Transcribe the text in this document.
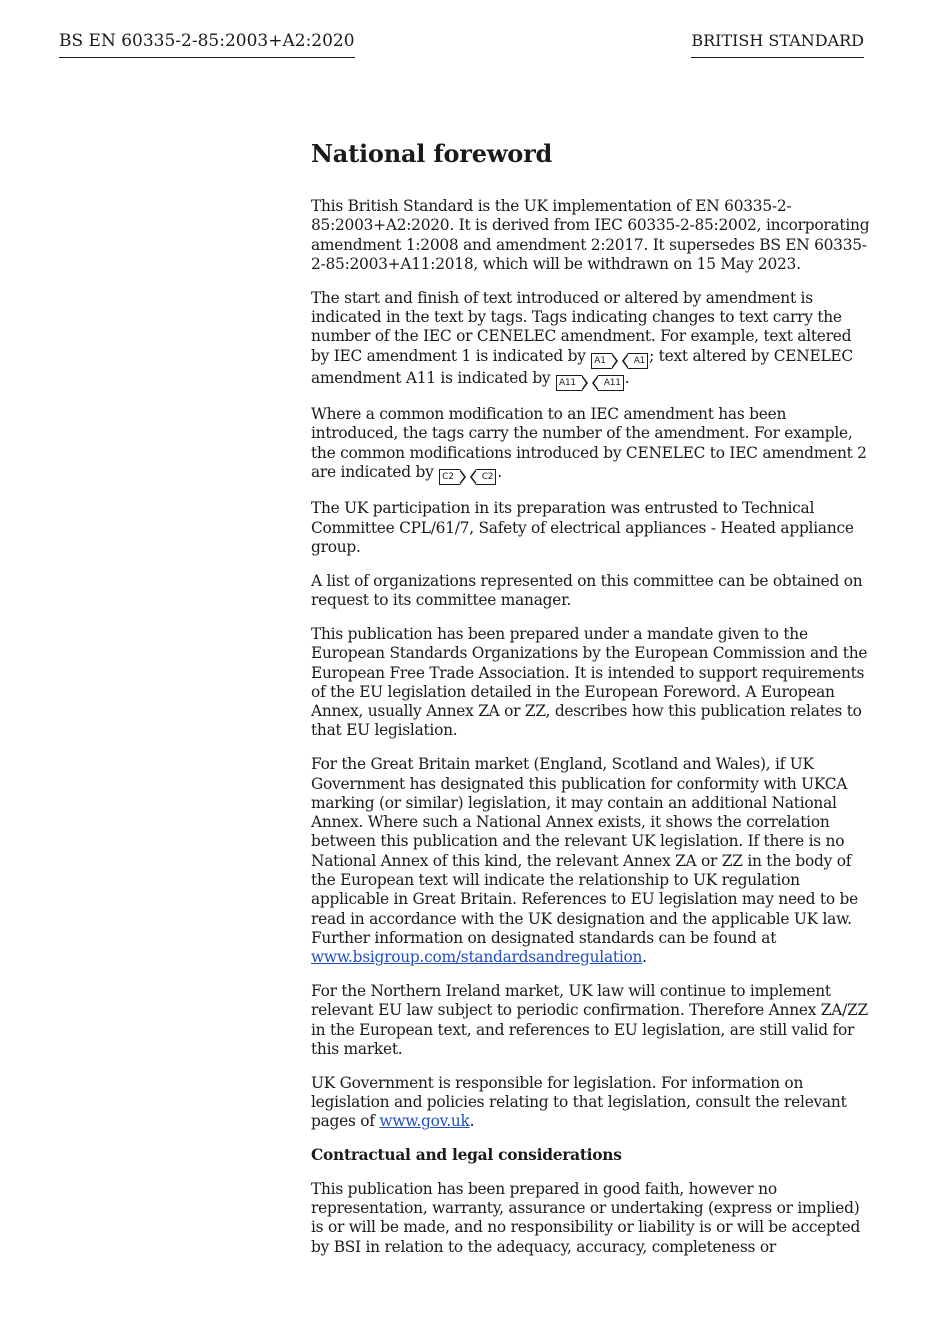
BS EN 60335-2-85:2003+A2:2020	BRITISH STANDARD
National foreword

This British Standard is the UK implementation of EN 60335-2-85:2003+A2:2020. It is derived from IEC 60335-2-85:2002, incorporating amendment 1:2008 and amendment 2:2017. It supersedes BS EN 60335-2-85:2003+A11:2018, which will be withdrawn on 15 May 2023.

The start and finish of text introduced or altered by amendment is indicated in the text by tags. Tags indicating changes to text carry the number of the IEC or CENELEC amendment. For example, text altered by IEC amendment 1 is indicated by A1	A1 ; text altered by CENELEC amendment A11 is indicated by A11	A11 .

Where a common modification to an IEC amendment has been introduced, the tags carry the number of the amendment. For example, the common modifications introduced by CENELEC to IEC amendment 2 are indicated by C2	C2 .

The UK participation in its preparation was entrusted to Technical Committee CPL/61/7, Safety of electrical appliances - Heated appliance group.

A list of organizations represented on this committee can be obtained on request to its committee manager.

This publication has been prepared under a mandate given to the European Standards Organizations by the European Commission and the European Free Trade Association. It is intended to support requirements of the EU legislation detailed in the European Foreword. A European Annex, usually Annex ZA or ZZ, describes how this publication relates to that EU legislation.

For the Great Britain market (England, Scotland and Wales), if UK Government has designated this publication for conformity with UKCA marking (or similar) legislation, it may contain an additional National Annex. Where such a National Annex exists, it shows the correlation between this publication and the relevant UK legislation. If there is no National Annex of this kind, the relevant Annex ZA or ZZ in the body of the European text will indicate the relationship to UK regulation applicable in Great Britain. References to EU legislation may need to be read in accordance with the UK designation and the applicable UK law. Further information on designated standards can be found at www.bsigroup.com/standardsandregulation.

For the Northern Ireland market, UK law will continue to implement relevant EU law subject to periodic confirmation. Therefore Annex ZA/ZZ in the European text, and references to EU legislation, are still valid for this market.

UK Government is responsible for legislation. For information on legislation and policies relating to that legislation, consult the relevant pages of www.gov.uk.

Contractual and legal considerations

This publication has been prepared in good faith, however no representation, warranty, assurance or undertaking (express or implied) is or will be made, and no responsibility or liability is or will be accepted by BSI in relation to the adequacy, accuracy, completeness or
